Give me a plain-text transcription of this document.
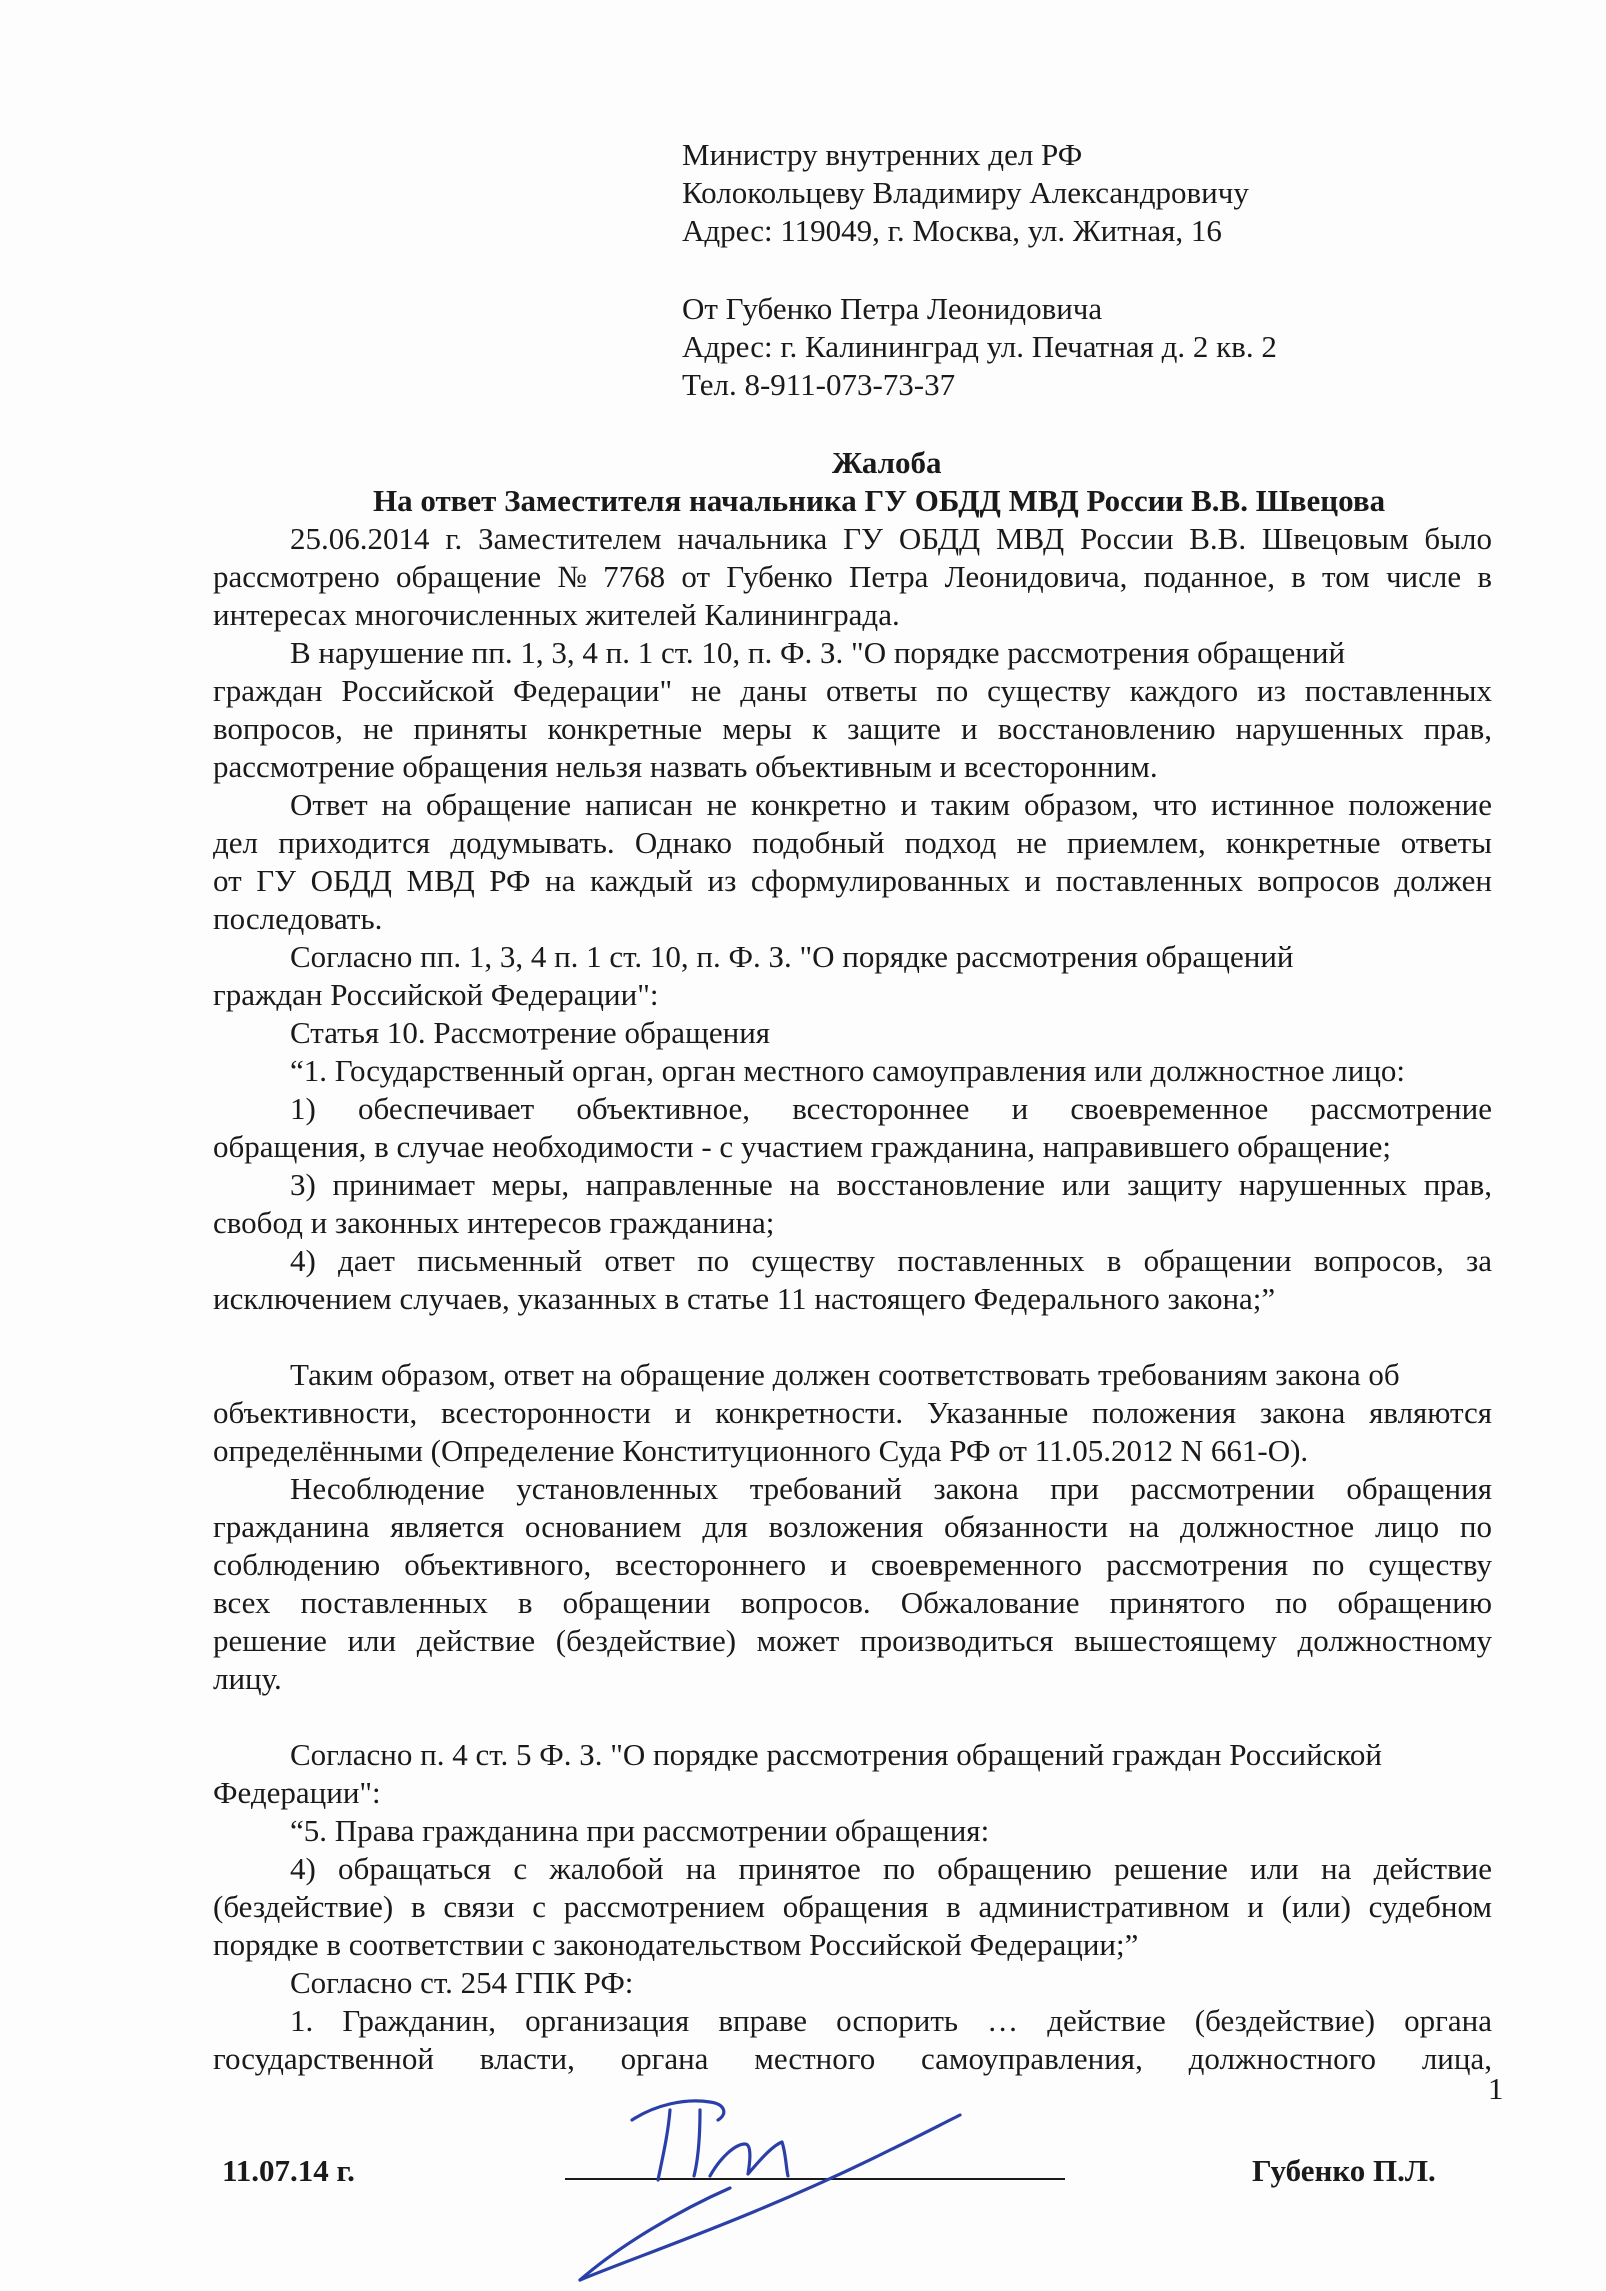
Министру внутренних дел РФ
Колокольцеву Владимиру Александровичу
Адрес: 119049, г. Москва, ул. Житная, 16
От Губенко Петра Леонидовича
Адрес: г. Калининград ул. Печатная д. 2 кв. 2
Тел. 8-911-073-73-37
Жалоба
На ответ Заместителя начальника ГУ ОБДД МВД России В.В. Швецова
25.06.2014 г. Заместителем начальника ГУ ОБДД МВД России В.В. Швецовым было
рассмотрено обращение № 7768 от Губенко Петра Леонидовича, поданное, в том числе в
интересах многочисленных жителей Калининграда.
В нарушение пп. 1, 3, 4 п. 1 ст. 10, п. Ф. З. "О порядке рассмотрения обращений
граждан Российской Федерации" не даны ответы по существу каждого из поставленных
вопросов, не приняты конкретные меры к защите и восстановлению нарушенных прав,
рассмотрение обращения нельзя назвать объективным и всесторонним.
Ответ на обращение написан не конкретно и таким образом, что истинное положение
дел приходится додумывать. Однако подобный подход не приемлем, конкретные ответы
от ГУ ОБДД МВД РФ на каждый из сформулированных и поставленных вопросов должен
последовать.
Согласно пп. 1, 3, 4 п. 1 ст. 10, п. Ф. З. "О порядке рассмотрения обращений
граждан Российской Федерации":
Статья 10. Рассмотрение обращения
“1. Государственный орган, орган местного самоуправления или должностное лицо:
1) обеспечивает объективное, всестороннее и своевременное рассмотрение
обращения, в случае необходимости - с участием гражданина, направившего обращение;
3) принимает меры, направленные на восстановление или защиту нарушенных прав,
свобод и законных интересов гражданина;
4) дает письменный ответ по существу поставленных в обращении вопросов, за
исключением случаев, указанных в статье 11 настоящего Федерального закона;”
Таким образом, ответ на обращение должен соответствовать требованиям закона об
объективности, всесторонности и конкретности. Указанные положения закона являются
определёнными (Определение Конституционного Суда РФ от 11.05.2012 N 661-О).
Несоблюдение установленных требований закона при рассмотрении обращения
гражданина является основанием для возложения обязанности на должностное лицо по
соблюдению объективного, всестороннего и своевременного рассмотрения по существу
всех поставленных в обращении вопросов. Обжалование принятого по обращению
решение или действие (бездействие) может производиться вышестоящему должностному
лицу.
Согласно п. 4 ст. 5 Ф. З. "О порядке рассмотрения обращений граждан Российской
Федерации":
“5. Права гражданина при рассмотрении обращения:
4) обращаться с жалобой на принятое по обращению решение или на действие
(бездействие) в связи с рассмотрением обращения в административном и (или) судебном
порядке в соответствии с законодательством Российской Федерации;”
Согласно ст. 254 ГПК РФ:
1. Гражданин, организация вправе оспорить … действие (бездействие) органа
государственной власти, органа местного самоуправления, должностного лица,
1
11.07.14 г.	Губенко П.Л.
